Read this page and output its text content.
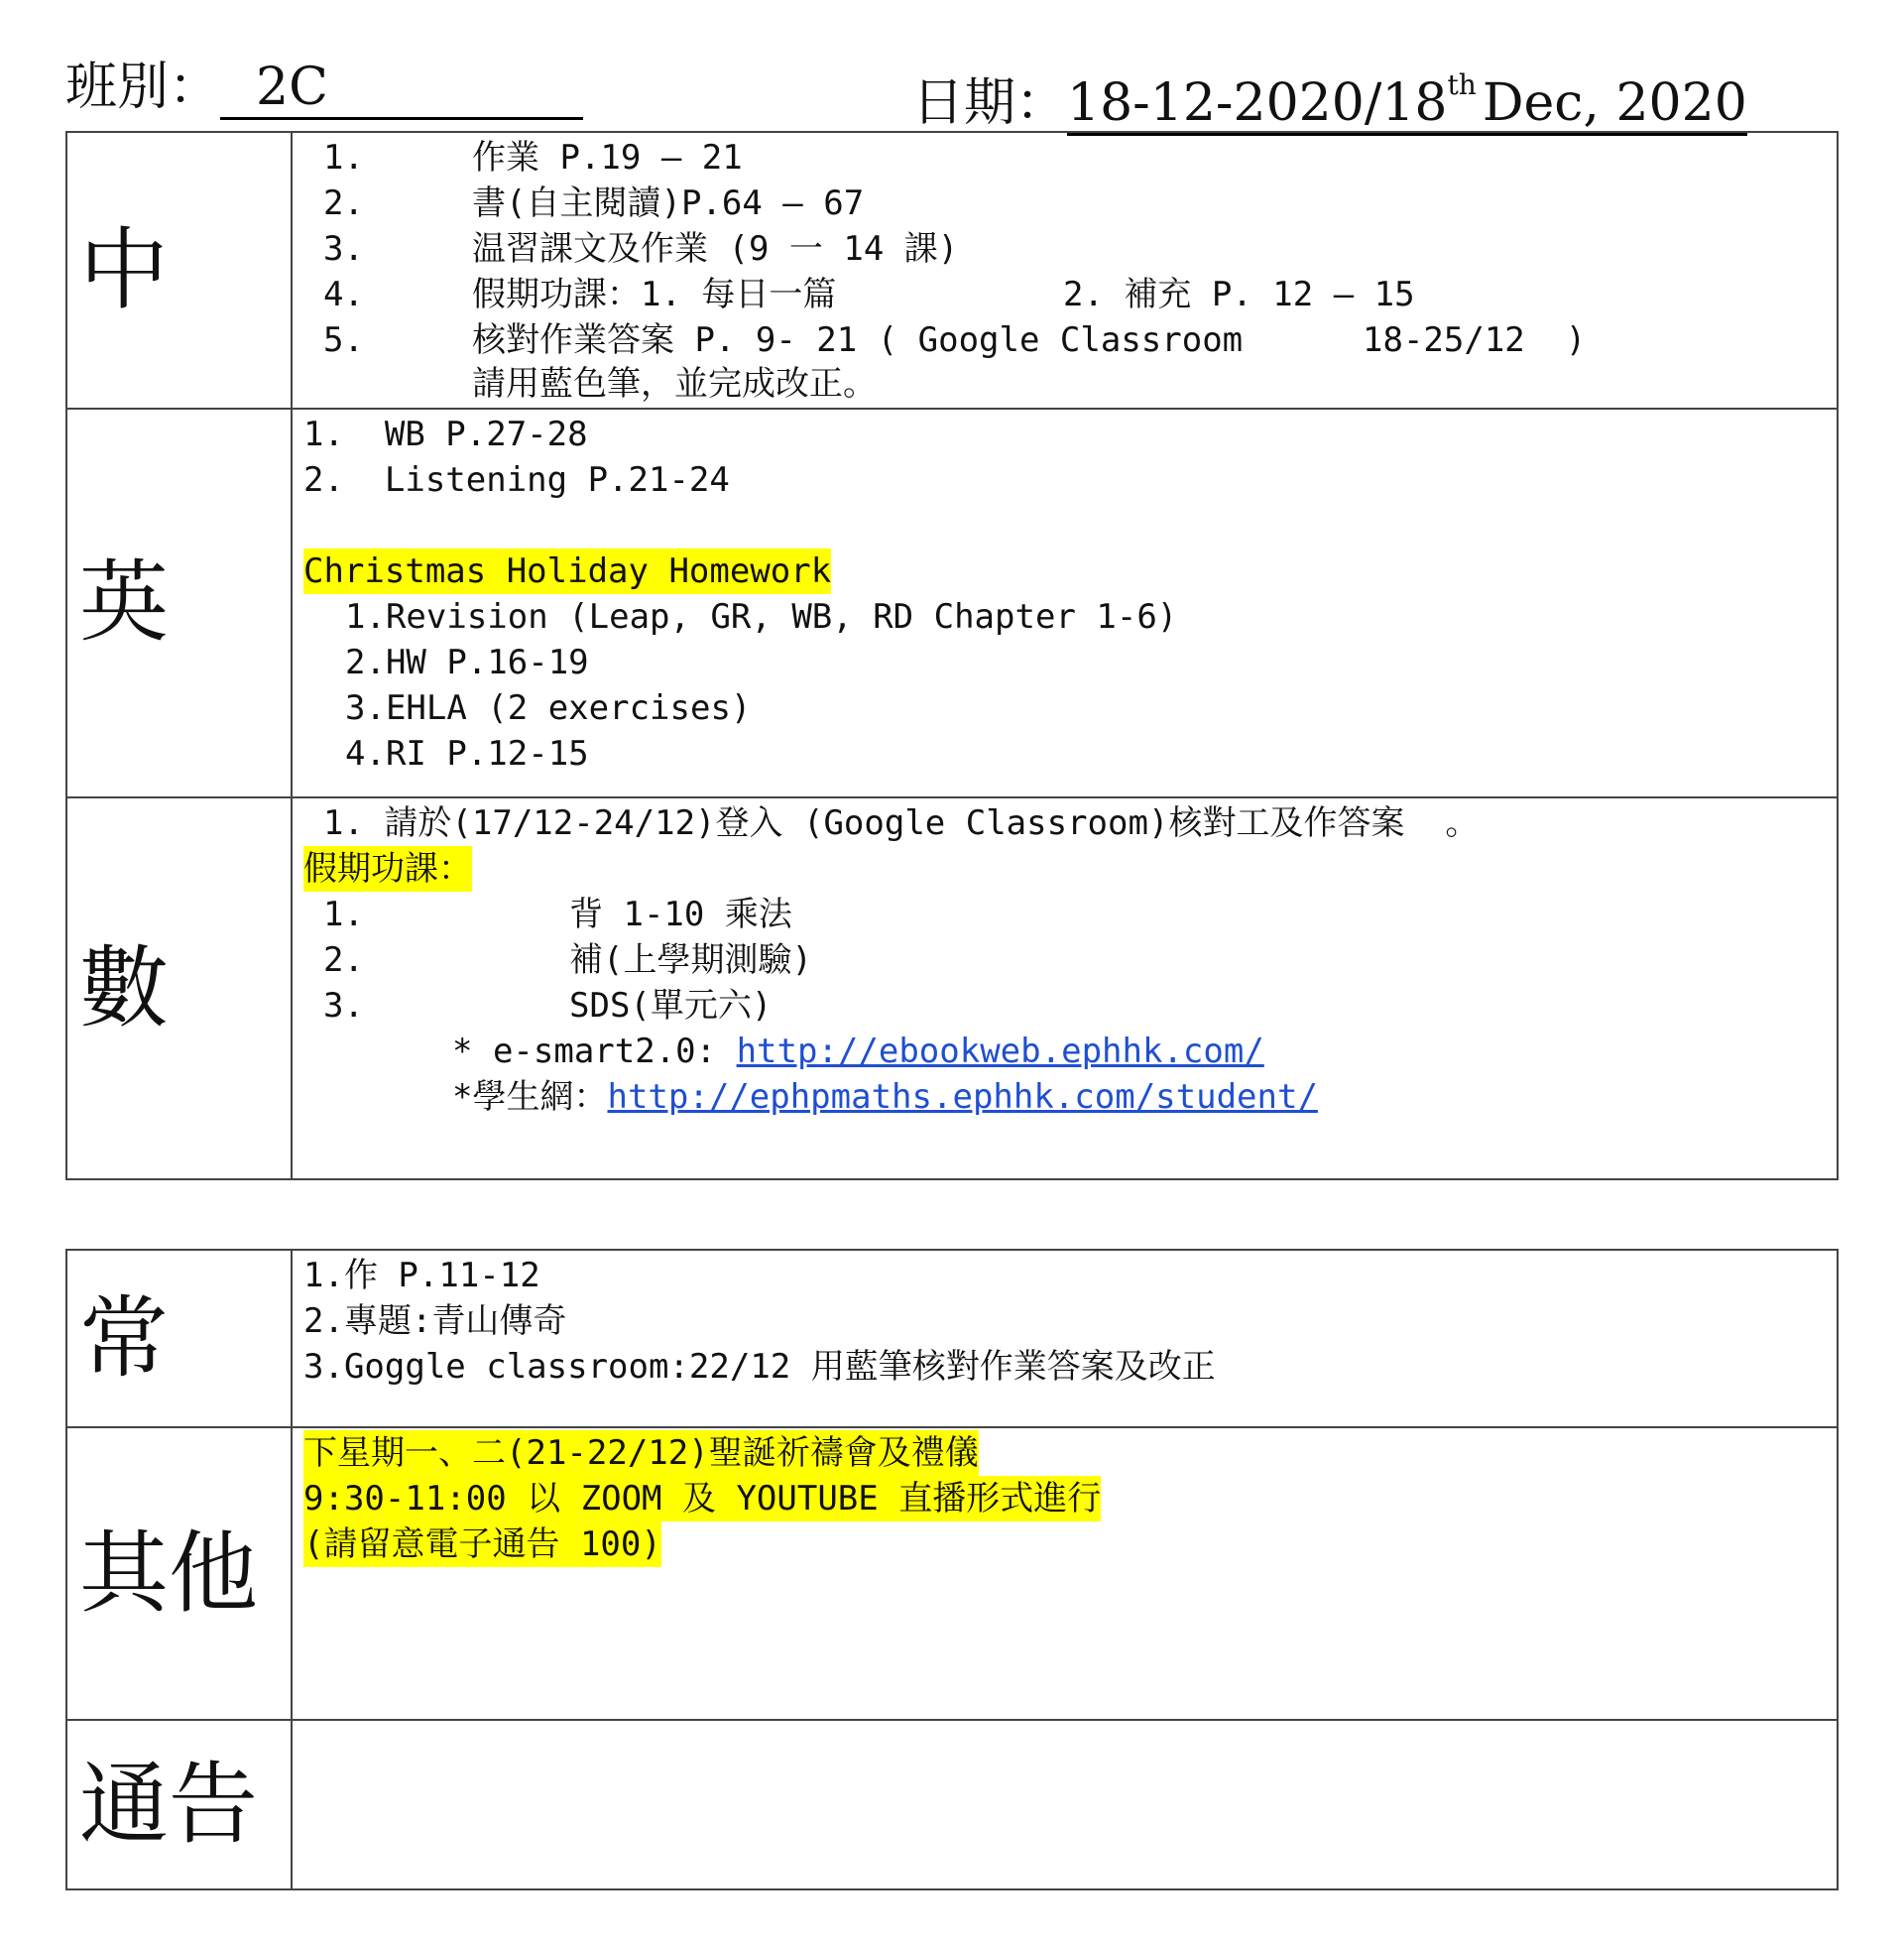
班別： 2C	日期：18-12-2020/18th Dec, 2020
中
1.	作業 P.19 – 21
2.	書(自主閱讀)P.64 – 67
3.	温習課文及作業 (9 一 14 課)
4.	假期功課：1. 每日一篇	2. 補充 P. 12 – 15
5.	核對作業答案 P. 9- 21 ( Google Classroom	18-25/12  )
請用藍色筆，並完成改正。
英
1.  WB P.27-28
2.  Listening P.21-24
Christmas Holiday Homework
1.Revision (Leap, GR, WB, RD Chapter 1-6)
2.HW P.16-19
3.EHLA (2 exercises)
4.RI P.12-15
數
1. 請於(17/12-24/12)登入 (Google Classroom)核對工及作答案  。
假期功課：
1.	背 1-10 乘法
2.	補(上學期測驗)
3.	SDS(單元六)
* e-smart2.0: http://ebookweb.ephhk.com/
*學生網：http://ephpmaths.ephhk.com/student/
常
1.作 P.11-12
2.專題:青山傳奇
3.Goggle classroom:22/12 用藍筆核對作業答案及改正
其他
下星期一、二(21-22/12)聖誕祈禱會及禮儀
9:30-11:00 以 ZOOM 及 YOUTUBE 直播形式進行
(請留意電子通告 100)
通告
